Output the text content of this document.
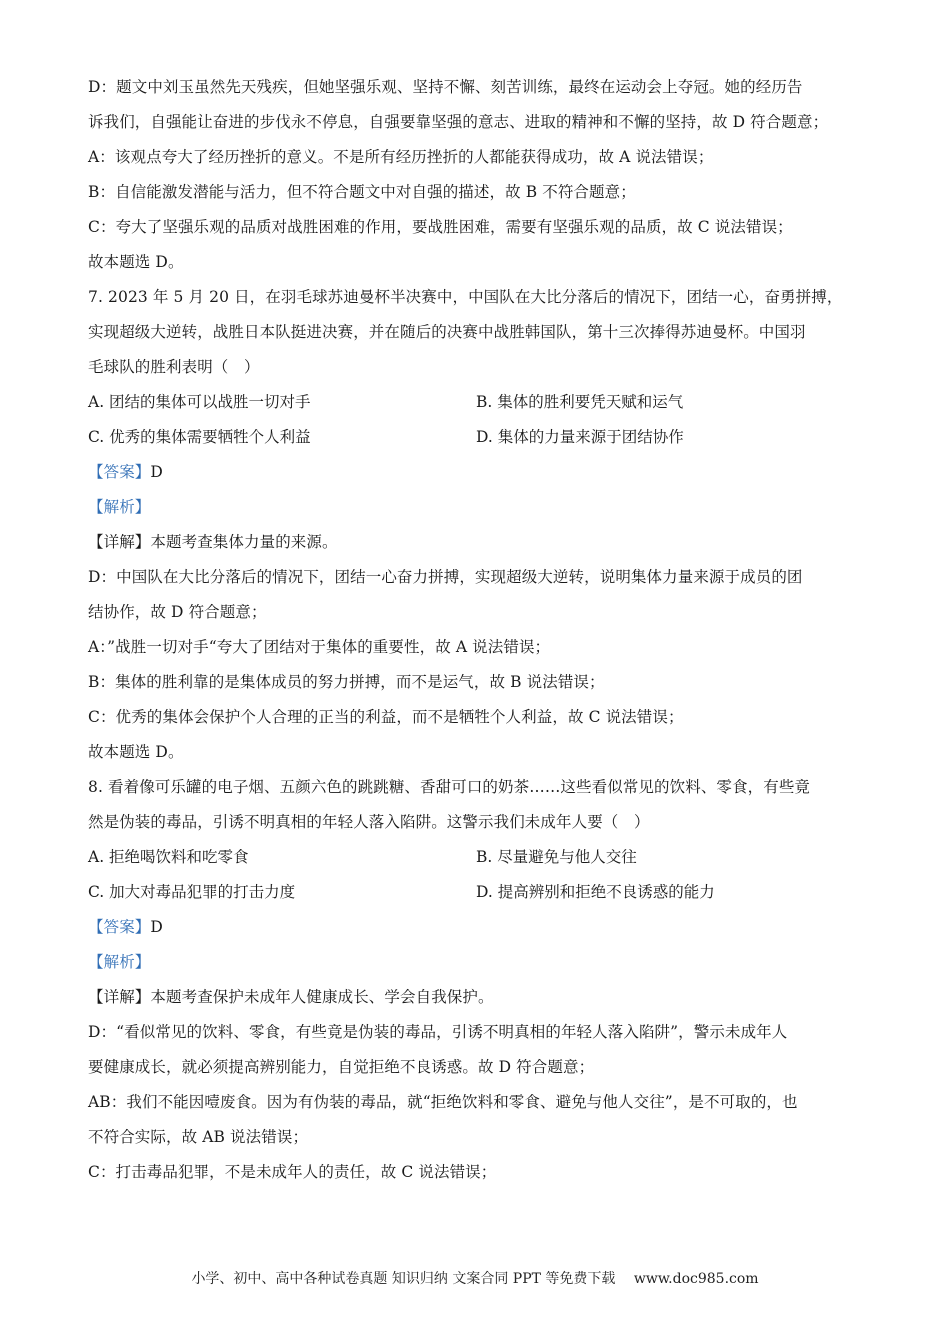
D：题文中刘玉虽然先天残疾，但她坚强乐观、坚持不懈、刻苦训练，最终在运动会上夺冠。她的经历告
诉我们，自强能让奋进的步伐永不停息，自强要靠坚强的意志、进取的精神和不懈的坚持，故 D 符合题意；
A：该观点夸大了经历挫折的意义。不是所有经历挫折的人都能获得成功，故 A 说法错误；
B：自信能激发潜能与活力，但不符合题文中对自强的描述，故 B 不符合题意；
C：夸大了坚强乐观的品质对战胜困难的作用，要战胜困难，需要有坚强乐观的品质，故 C 说法错误；
故本题选 D。
7. 2023 年 5 月 20 日，在羽毛球苏迪曼杯半决赛中，中国队在大比分落后的情况下，团结一心，奋勇拼搏，
实现超级大逆转，战胜日本队挺进决赛，并在随后的决赛中战胜韩国队，第十三次捧得苏迪曼杯。中国羽
毛球队的胜利表明（　）
A. 团结的集体可以战胜一切对手	B. 集体的胜利要凭天赋和运气
C. 优秀的集体需要牺牲个人利益	D. 集体的力量来源于团结协作
【答案】D
【解析】
【详解】本题考查集体力量的来源。
D：中国队在大比分落后的情况下，团结一心奋力拼搏，实现超级大逆转，说明集体力量来源于成员的团
结协作，故 D 符合题意；
A：”战胜一切对手“夸大了团结对于集体的重要性，故 A 说法错误；
B：集体的胜利靠的是集体成员的努力拼搏，而不是运气，故 B 说法错误；
C：优秀的集体会保护个人合理的正当的利益，而不是牺牲个人利益，故 C 说法错误；
故本题选 D。
8. 看着像可乐罐的电子烟、五颜六色的跳跳糖、香甜可口的奶茶……这些看似常见的饮料、零食，有些竟
然是伪装的毒品，引诱不明真相的年轻人落入陷阱。这警示我们未成年人要（　）
A. 拒绝喝饮料和吃零食	B. 尽量避免与他人交往
C. 加大对毒品犯罪的打击力度	D. 提高辨别和拒绝不良诱惑的能力
【答案】D
【解析】
【详解】本题考查保护未成年人健康成长、学会自我保护。
D：“看似常见的饮料、零食，有些竟是伪装的毒品，引诱不明真相的年轻人落入陷阱”，警示未成年人
要健康成长，就必须提高辨别能力，自觉拒绝不良诱惑。故 D 符合题意；
AB：我们不能因噎废食。因为有伪装的毒品，就“拒绝饮料和零食、避免与他人交往”，是不可取的，也
不符合实际，故 AB 说法错误；
C：打击毒品犯罪，不是未成年人的责任，故 C 说法错误；
小学、初中、高中各种试卷真题 知识归纳 文案合同 PPT 等免费下载 www.doc985.com
